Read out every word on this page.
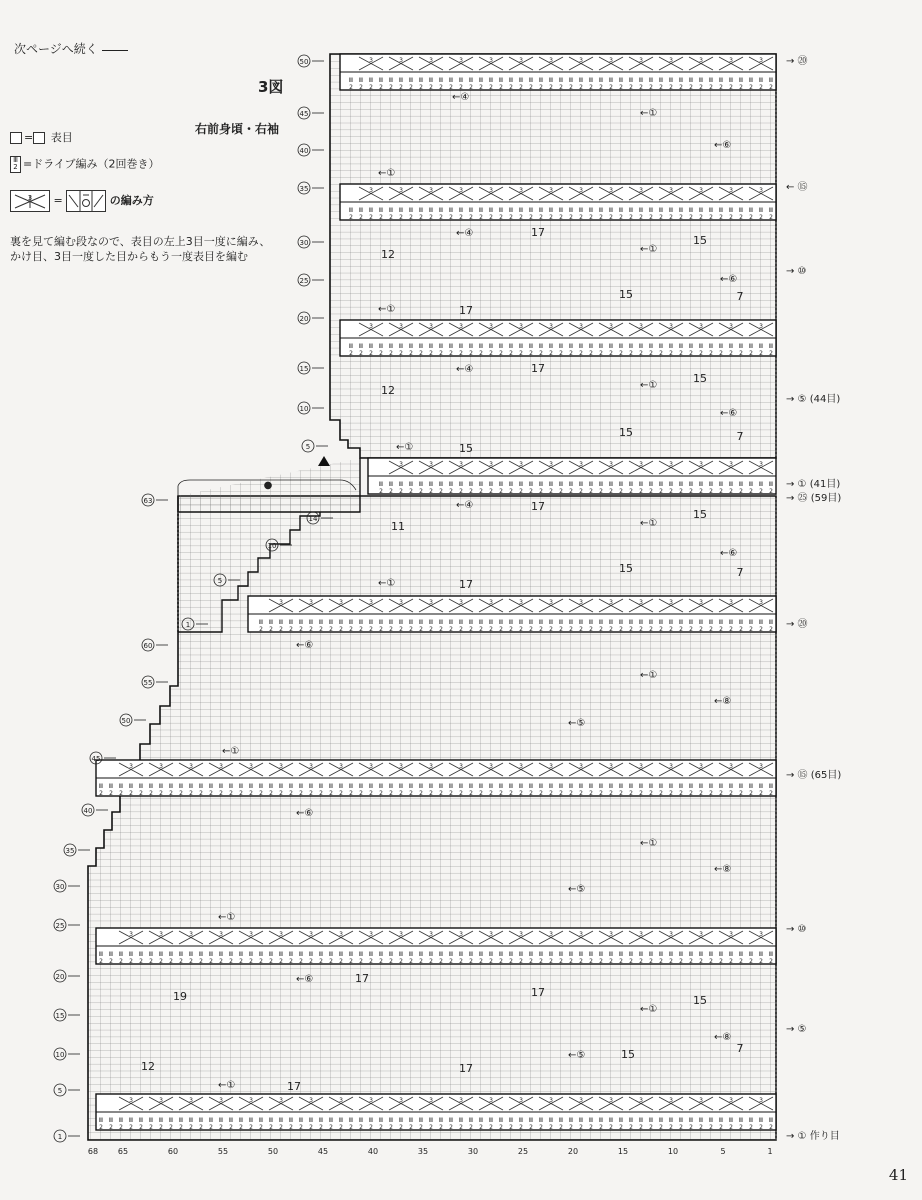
次ページへ続く
3図
右前身頃・右袖
= 表目
Ⅲ
2 =ドライブ編み（2回巻き）
3 =	の編み方
裏を見て編む段なので、表目の左上3目一度に編み、
かけ目、3目一度した目からもう一度表目を編む
3
3
3
3
3
3
3
3
3
3
3
3
3
3
Ⅲ
2
Ⅲ
2
Ⅲ
2
Ⅲ
2
Ⅲ
2
Ⅲ
2
Ⅲ
2
Ⅲ
2
Ⅲ
2
Ⅲ
2
Ⅲ
2
Ⅲ
2
Ⅲ
2
Ⅲ
2
Ⅲ
2
Ⅲ
2
Ⅲ
2
Ⅲ
2
Ⅲ
2
Ⅲ
2
Ⅲ
2
Ⅲ
2
Ⅲ
2
Ⅲ
2
Ⅲ
2
Ⅲ
2
Ⅲ
2
Ⅲ
2
Ⅲ
2
Ⅲ
2
Ⅲ
2
Ⅲ
2
Ⅲ
2
Ⅲ
2
Ⅲ
2
Ⅲ
2
Ⅲ
2
Ⅲ
2
Ⅲ
2
Ⅲ
2
Ⅲ
2
Ⅲ
2
Ⅲ
2
3
3
3
3
3
3
3
3
3
3
3
3
3
3
Ⅲ
2
Ⅲ
2
Ⅲ
2
Ⅲ
2
Ⅲ
2
Ⅲ
2
Ⅲ
2
Ⅲ
2
Ⅲ
2
Ⅲ
2
Ⅲ
2
Ⅲ
2
Ⅲ
2
Ⅲ
2
Ⅲ
2
Ⅲ
2
Ⅲ
2
Ⅲ
2
Ⅲ
2
Ⅲ
2
Ⅲ
2
Ⅲ
2
Ⅲ
2
Ⅲ
2
Ⅲ
2
Ⅲ
2
Ⅲ
2
Ⅲ
2
Ⅲ
2
Ⅲ
2
Ⅲ
2
Ⅲ
2
Ⅲ
2
Ⅲ
2
Ⅲ
2
Ⅲ
2
Ⅲ
2
Ⅲ
2
Ⅲ
2
Ⅲ
2
Ⅲ
2
Ⅲ
2
Ⅲ
2
3
3
3
3
3
3
3
3
3
3
3
3
3
3
Ⅲ
2
Ⅲ
2
Ⅲ
2
Ⅲ
2
Ⅲ
2
Ⅲ
2
Ⅲ
2
Ⅲ
2
Ⅲ
2
Ⅲ
2
Ⅲ
2
Ⅲ
2
Ⅲ
2
Ⅲ
2
Ⅲ
2
Ⅲ
2
Ⅲ
2
Ⅲ
2
Ⅲ
2
Ⅲ
2
Ⅲ
2
Ⅲ
2
Ⅲ
2
Ⅲ
2
Ⅲ
2
Ⅲ
2
Ⅲ
2
Ⅲ
2
Ⅲ
2
Ⅲ
2
Ⅲ
2
Ⅲ
2
Ⅲ
2
Ⅲ
2
Ⅲ
2
Ⅲ
2
Ⅲ
2
Ⅲ
2
Ⅲ
2
Ⅲ
2
Ⅲ
2
Ⅲ
2
Ⅲ
2
3
3
3
3
3
3
3
3
3
3
3
3
3
Ⅲ
2
Ⅲ
2
Ⅲ
2
Ⅲ
2
Ⅲ
2
Ⅲ
2
Ⅲ
2
Ⅲ
2
Ⅲ
2
Ⅲ
2
Ⅲ
2
Ⅲ
2
Ⅲ
2
Ⅲ
2
Ⅲ
2
Ⅲ
2
Ⅲ
2
Ⅲ
2
Ⅲ
2
Ⅲ
2
Ⅲ
2
Ⅲ
2
Ⅲ
2
Ⅲ
2
Ⅲ
2
Ⅲ
2
Ⅲ
2
Ⅲ
2
Ⅲ
2
Ⅲ
2
Ⅲ
2
Ⅲ
2
Ⅲ
2
Ⅲ
2
Ⅲ
2
Ⅲ
2
Ⅲ
2
Ⅲ
2
Ⅲ
2
Ⅲ
2
3
3
3
3
3
3
3
3
3
3
3
3
3
3
3
3
3
Ⅲ
2
Ⅲ
2
Ⅲ
2
Ⅲ
2
Ⅲ
2
Ⅲ
2
Ⅲ
2
Ⅲ
2
Ⅲ
2
Ⅲ
2
Ⅲ
2
Ⅲ
2
Ⅲ
2
Ⅲ
2
Ⅲ
2
Ⅲ
2
Ⅲ
2
Ⅲ
2
Ⅲ
2
Ⅲ
2
Ⅲ
2
Ⅲ
2
Ⅲ
2
Ⅲ
2
Ⅲ
2
Ⅲ
2
Ⅲ
2
Ⅲ
2
Ⅲ
2
Ⅲ
2
Ⅲ
2
Ⅲ
2
Ⅲ
2
Ⅲ
2
Ⅲ
2
Ⅲ
2
Ⅲ
2
Ⅲ
2
Ⅲ
2
Ⅲ
2
Ⅲ
2
Ⅲ
2
Ⅲ
2
Ⅲ
2
Ⅲ
2
Ⅲ
2
Ⅲ
2
Ⅲ
2
Ⅲ
2
Ⅲ
2
Ⅲ
2
Ⅲ
2
3
3
3
3
3
3
3
3
3
3
3
3
3
3
3
3
3
3
3
3
3
3
Ⅲ
2
Ⅲ
2
Ⅲ
2
Ⅲ
2
Ⅲ
2
Ⅲ
2
Ⅲ
2
Ⅲ
2
Ⅲ
2
Ⅲ
2
Ⅲ
2
Ⅲ
2
Ⅲ
2
Ⅲ
2
Ⅲ
2
Ⅲ
2
Ⅲ
2
Ⅲ
2
Ⅲ
2
Ⅲ
2
Ⅲ
2
Ⅲ
2
Ⅲ
2
Ⅲ
2
Ⅲ
2
Ⅲ
2
Ⅲ
2
Ⅲ
2
Ⅲ
2
Ⅲ
2
Ⅲ
2
Ⅲ
2
Ⅲ
2
Ⅲ
2
Ⅲ
2
Ⅲ
2
Ⅲ
2
Ⅲ
2
Ⅲ
2
Ⅲ
2
Ⅲ
2
Ⅲ
2
Ⅲ
2
Ⅲ
2
Ⅲ
2
Ⅲ
2
Ⅲ
2
Ⅲ
2
Ⅲ
2
Ⅲ
2
Ⅲ
2
Ⅲ
2
Ⅲ
2
Ⅲ
2
Ⅲ
2
Ⅲ
2
Ⅲ
2
Ⅲ
2
Ⅲ
2
Ⅲ
2
Ⅲ
2
Ⅲ
2
Ⅲ
2
Ⅲ
2
Ⅲ
2
Ⅲ
2
Ⅲ
2
Ⅲ
2
3
3
3
3
3
3
3
3
3
3
3
3
3
3
3
3
3
3
3
3
3
3
Ⅲ
2
Ⅲ
2
Ⅲ
2
Ⅲ
2
Ⅲ
2
Ⅲ
2
Ⅲ
2
Ⅲ
2
Ⅲ
2
Ⅲ
2
Ⅲ
2
Ⅲ
2
Ⅲ
2
Ⅲ
2
Ⅲ
2
Ⅲ
2
Ⅲ
2
Ⅲ
2
Ⅲ
2
Ⅲ
2
Ⅲ
2
Ⅲ
2
Ⅲ
2
Ⅲ
2
Ⅲ
2
Ⅲ
2
Ⅲ
2
Ⅲ
2
Ⅲ
2
Ⅲ
2
Ⅲ
2
Ⅲ
2
Ⅲ
2
Ⅲ
2
Ⅲ
2
Ⅲ
2
Ⅲ
2
Ⅲ
2
Ⅲ
2
Ⅲ
2
Ⅲ
2
Ⅲ
2
Ⅲ
2
Ⅲ
2
Ⅲ
2
Ⅲ
2
Ⅲ
2
Ⅲ
2
Ⅲ
2
Ⅲ
2
Ⅲ
2
Ⅲ
2
Ⅲ
2
Ⅲ
2
Ⅲ
2
Ⅲ
2
Ⅲ
2
Ⅲ
2
Ⅲ
2
Ⅲ
2
Ⅲ
2
Ⅲ
2
Ⅲ
2
Ⅲ
2
Ⅲ
2
Ⅲ
2
Ⅲ
2
Ⅲ
2
3
3
3
3
3
3
3
3
3
3
3
3
3
3
3
3
3
3
3
3
3
3
Ⅲ
2
Ⅲ
2
Ⅲ
2
Ⅲ
2
Ⅲ
2
Ⅲ
2
Ⅲ
2
Ⅲ
2
Ⅲ
2
Ⅲ
2
Ⅲ
2
Ⅲ
2
Ⅲ
2
Ⅲ
2
Ⅲ
2
Ⅲ
2
Ⅲ
2
Ⅲ
2
Ⅲ
2
Ⅲ
2
Ⅲ
2
Ⅲ
2
Ⅲ
2
Ⅲ
2
Ⅲ
2
Ⅲ
2
Ⅲ
2
Ⅲ
2
Ⅲ
2
Ⅲ
2
Ⅲ
2
Ⅲ
2
Ⅲ
2
Ⅲ
2
Ⅲ
2
Ⅲ
2
Ⅲ
2
Ⅲ
2
Ⅲ
2
Ⅲ
2
Ⅲ
2
Ⅲ
2
Ⅲ
2
Ⅲ
2
Ⅲ
2
Ⅲ
2
Ⅲ
2
Ⅲ
2
Ⅲ
2
Ⅲ
2
Ⅲ
2
Ⅲ
2
Ⅲ
2
Ⅲ
2
Ⅲ
2
Ⅲ
2
Ⅲ
2
Ⅲ
2
Ⅲ
2
Ⅲ
2
Ⅲ
2
Ⅲ
2
Ⅲ
2
Ⅲ
2
Ⅲ
2
Ⅲ
2
Ⅲ
2
Ⅲ
2
68 65	60	55	50	45	40	35	30	25	20	15	10	5	1
50
45
40
35
30
25
20
15
10
5
63
14
10
5
1
60
55
50
45
40
35
30
25
20
15
10
5
1
→ ⑳
← ⑮
→ ⑩
→ ⑤ (44目)
→ ① (41目)
→ ㉕ (59目)
→ ⑳
→ ⑮ (65目)
→ ⑩
→ ⑤
→ ① 作り目
←④
←①
←⑥
←①
←④
←①
←⑥
←①
←④
←①
←⑥
←①
←④
←①
←⑥
←①
←⑥
←①
←⑧
←⑤
←①
←⑥
←①
←⑧
←⑤
←①
←⑥
←①
←⑧
←⑤
←①
17
15
12
15
17
17
15
12
15
15
17
15
11
15
17
7
7
7
17
19	17
15
15
17
12
17
7
●
41
